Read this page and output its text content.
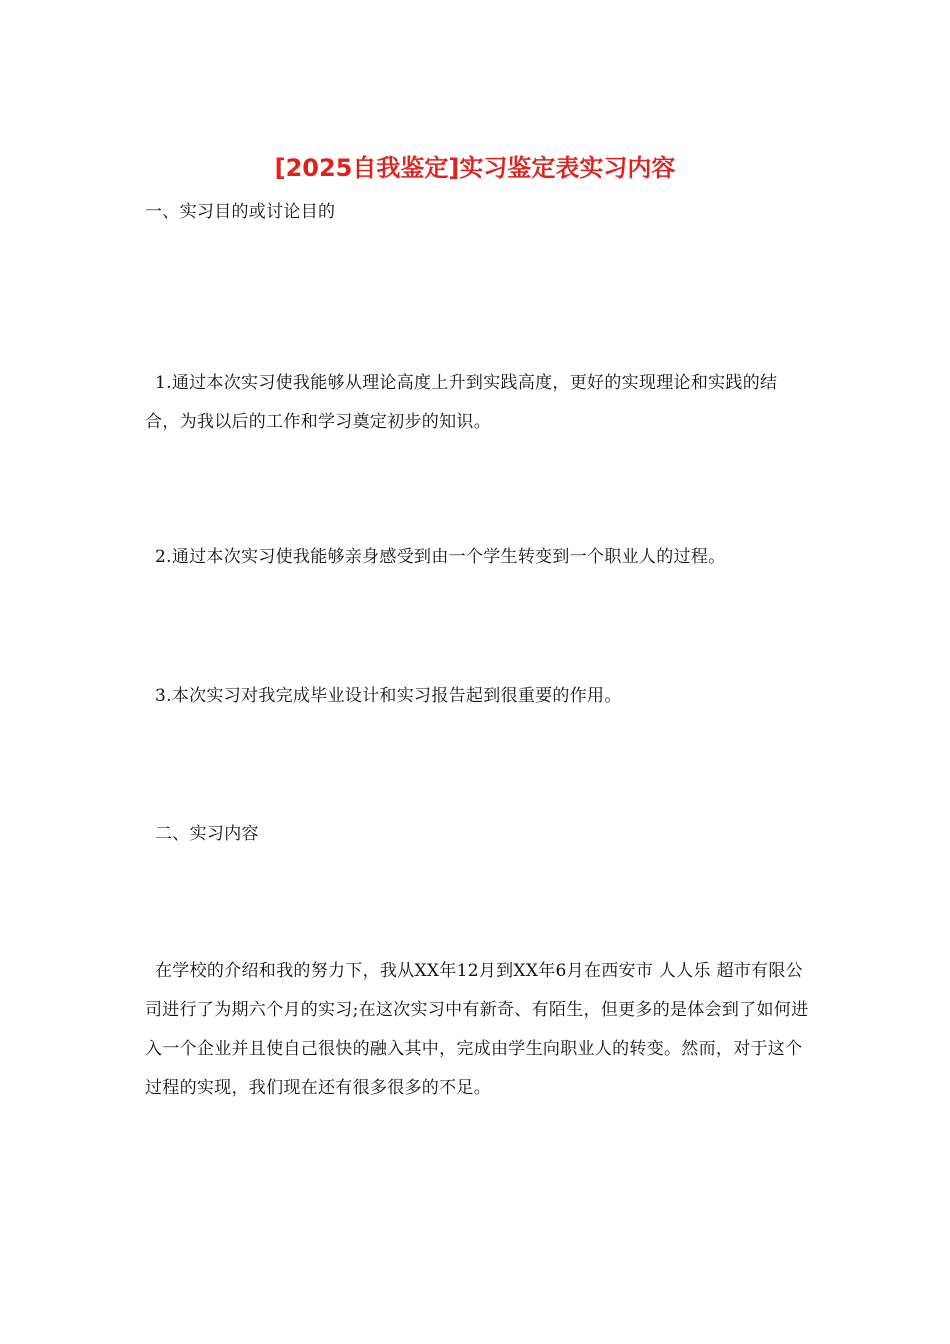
[2025自我鉴定]实习鉴定表实习内容

一、实习目的或讨论目的

1.通过本次实习使我能够从理论高度上升到实践高度，更好的实现理论和实践的结合，为我以后的工作和学习奠定初步的知识。

2.通过本次实习使我能够亲身感受到由一个学生转变到一个职业人的过程。

3.本次实习对我完成毕业设计和实习报告起到很重要的作用。

二、实习内容

在学校的介绍和我的努力下，我从XX年12月到XX年6月在西安市 人人乐 超市有限公司进行了为期六个月的实习;在这次实习中有新奇、有陌生，但更多的是体会到了如何进入一个企业并且使自己很快的融入其中，完成由学生向职业人的转变。然而，对于这个过程的实现，我们现在还有很多很多的不足。
